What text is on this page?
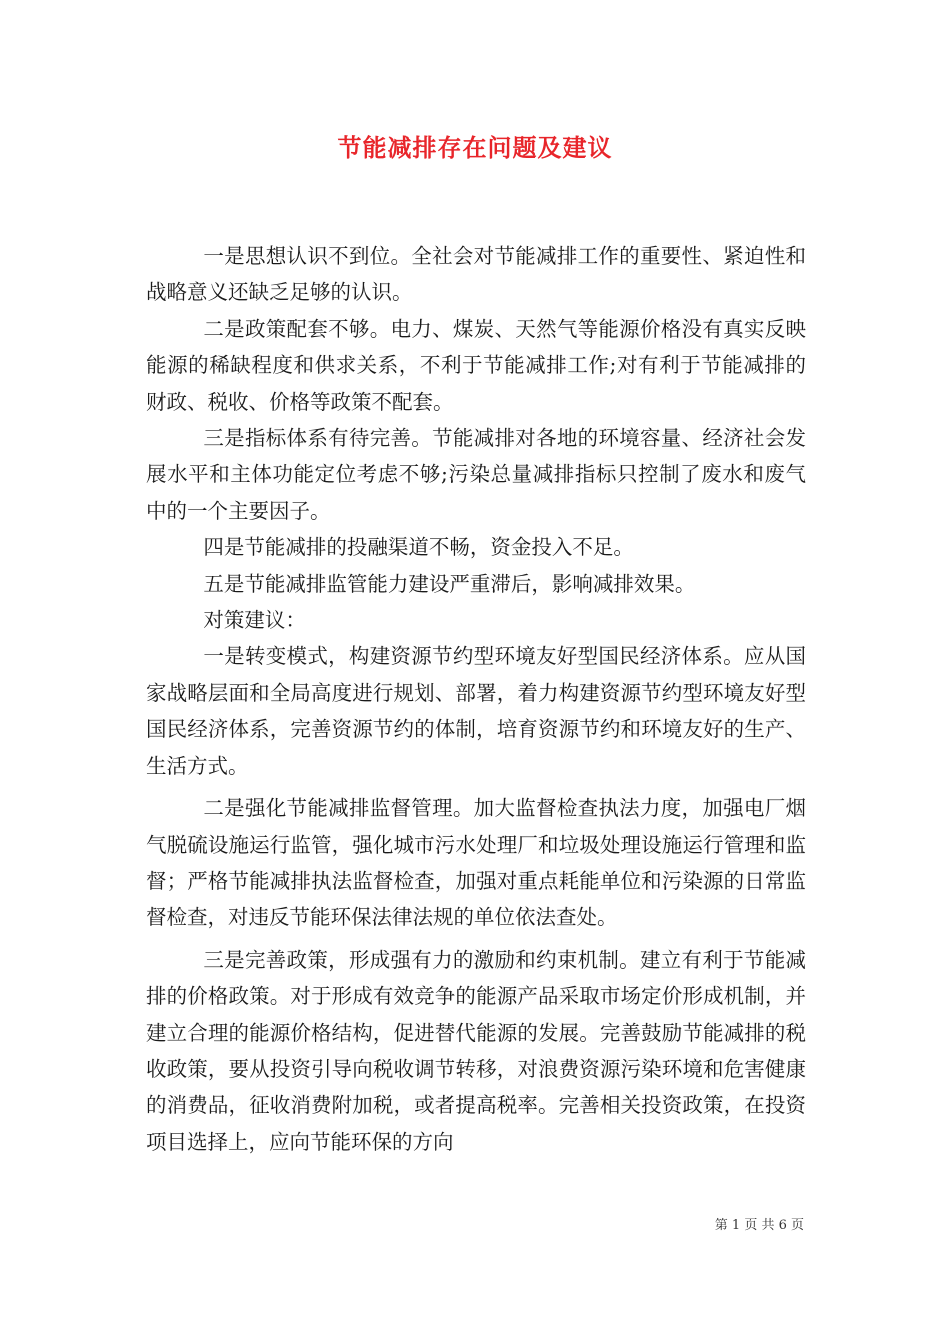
节能减排存在问题及建议

一是思想认识不到位。全社会对节能减排工作的重要性、紧迫性和战略意义还缺乏足够的认识。

二是政策配套不够。电力、煤炭、天然气等能源价格没有真实反映能源的稀缺程度和供求关系，不利于节能减排工作;对有利于节能减排的财政、税收、价格等政策不配套。

三是指标体系有待完善。节能减排对各地的环境容量、经济社会发展水平和主体功能定位考虑不够;污染总量减排指标只控制了废水和废气中的一个主要因子。

四是节能减排的投融渠道不畅，资金投入不足。

五是节能减排监管能力建设严重滞后，影响减排效果。

对策建议：

一是转变模式，构建资源节约型环境友好型国民经济体系。应从国家战略层面和全局高度进行规划、部署，着力构建资源节约型环境友好型国民经济体系，完善资源节约的体制，培育资源节约和环境友好的生产、生活方式。

二是强化节能减排监督管理。加大监督检查执法力度，加强电厂烟气脱硫设施运行监管，强化城市污水处理厂和垃圾处理设施运行管理和监督；严格节能减排执法监督检查，加强对重点耗能单位和污染源的日常监督检查，对违反节能环保法律法规的单位依法查处。

三是完善政策，形成强有力的激励和约束机制。建立有利于节能减排的价格政策。对于形成有效竞争的能源产品采取市场定价形成机制，并建立合理的能源价格结构，促进替代能源的发展。完善鼓励节能减排的税收政策，要从投资引导向税收调节转移，对浪费资源污染环境和危害健康的消费品，征收消费附加税，或者提高税率。完善相关投资政策，在投资项目选择上，应向节能环保的方向

第 1 页 共 6 页
